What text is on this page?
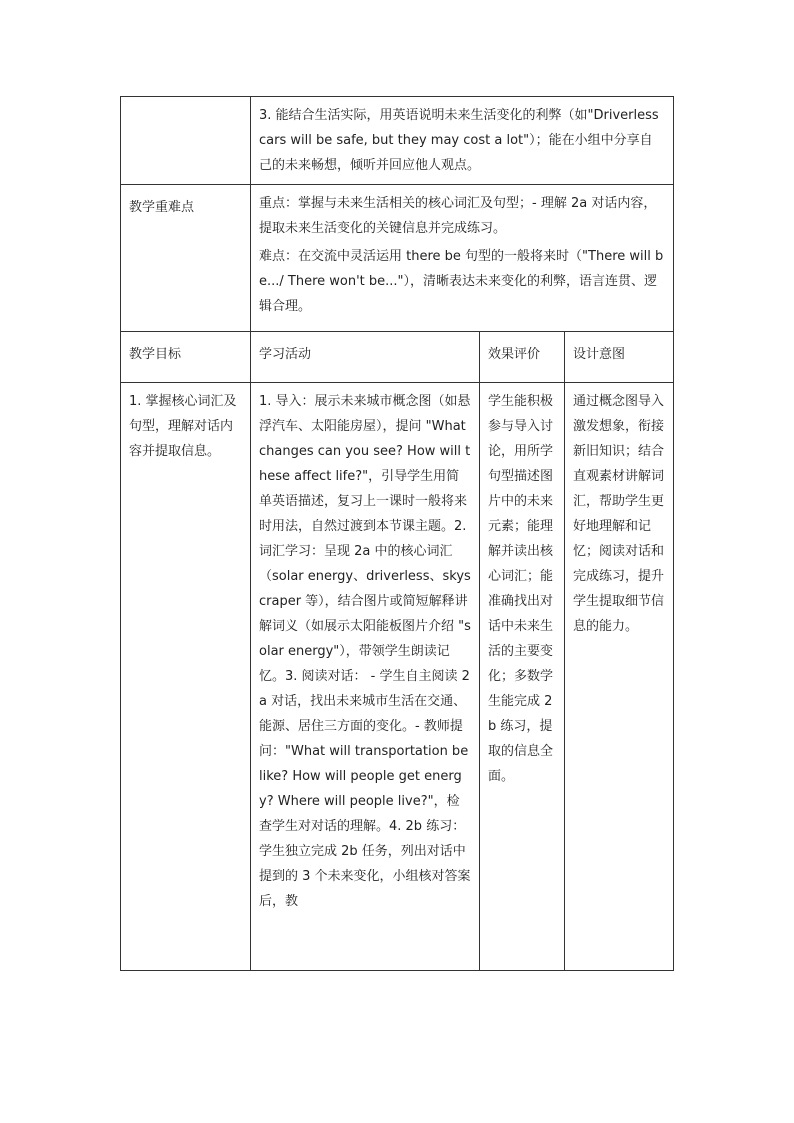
	3. 能结合生活实际，用英语说明未来生活变化的利弊（如"Driverless cars will be safe, but they may cost a lot"）；能在小组中分享自己的未来畅想，倾听并回应他人观点。		

教学重难点	重点：掌握与未来生活相关的核心词汇及句型；- 理解 2a 对话内容，提取未来生活变化的关键信息并完成练习。

难点：在交流中灵活运用 there be 句型的一般将来时（"There will be.../ There won't be..."），清晰表达未来变化的利弊，语言连贯、逻辑合理。		

教学目标	学习活动	效果评价	设计意图

1. 掌握核心词汇及句型，理解对话内容并提取信息。	1. 导入：展示未来城市概念图（如悬浮汽车、太阳能房屋），提问 "What changes can you see? How will these affect life?"，引导学生用简单英语描述，复习上一课时一般将来时用法，自然过渡到本节课主题。2. 词汇学习：呈现 2a 中的核心词汇（solar energy、driverless、skyscraper 等），结合图片或简短解释讲解词义（如展示太阳能板图片介绍 "solar energy"），带领学生朗读记忆。3. 阅读对话： - 学生自主阅读 2a 对话，找出未来城市生活在交通、能源、居住三方面的变化。- 教师提问："What will transportation be like? How will people get energy? Where will people live?"，检查学生对对话的理解。4. 2b 练习：学生独立完成 2b 任务，列出对话中提到的 3 个未来变化，小组核对答案后，教	学生能积极参与导入讨论，用所学句型描述图片中的未来元素；能理解并读出核心词汇；能准确找出对话中未来生活的主要变化；多数学生能完成 2b 练习，提取的信息全面。	通过概念图导入激发想象，衔接新旧知识；结合直观素材讲解词汇，帮助学生更好地理解和记忆；阅读对话和完成练习，提升学生提取细节信息的能力。
